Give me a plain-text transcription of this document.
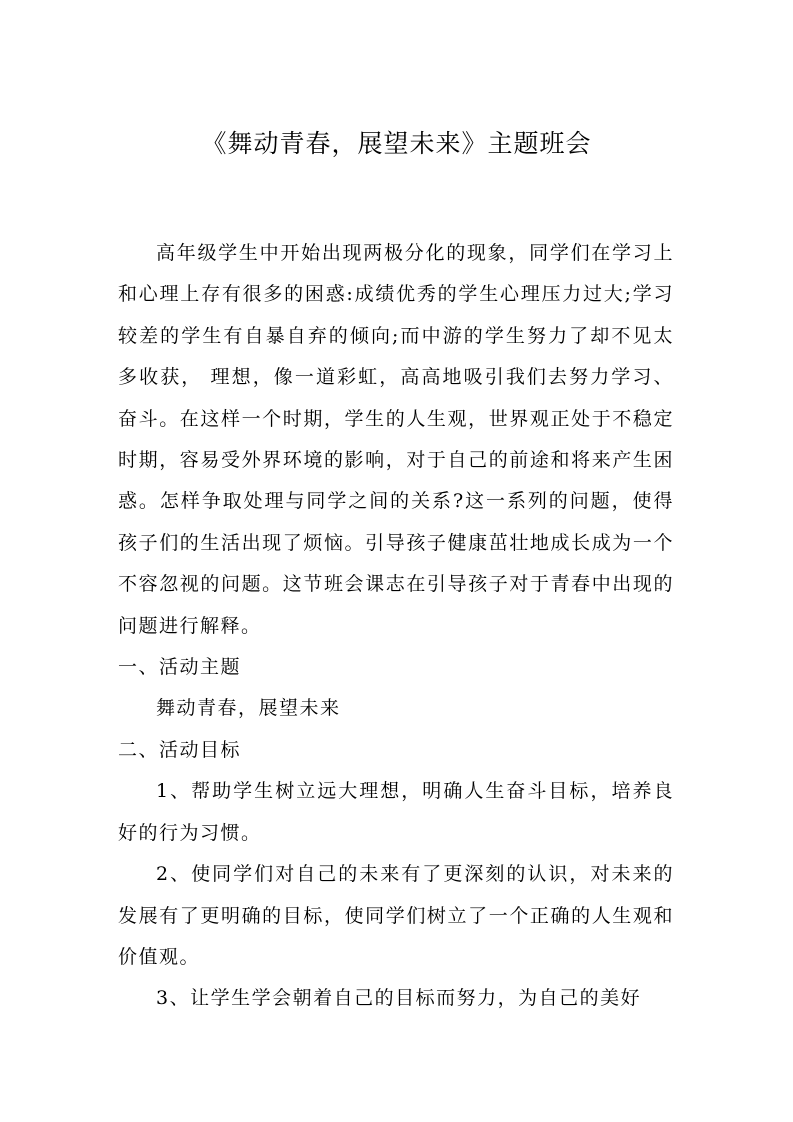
《舞动青春，展望未来》主题班会

高年级学生中开始出现两极分化的现象，同学们在学习上和心理上存有很多的困惑:成绩优秀的学生心理压力过大;学习较差的学生有自暴自弃的倾向;而中游的学生努力了却不见太多收获， 理想，像一道彩虹，高高地吸引我们去努力学习、奋斗。在这样一个时期，学生的人生观，世界观正处于不稳定时期，容易受外界环境的影响，对于自己的前途和将来产生困惑。怎样争取处理与同学之间的关系?这一系列的问题，使得孩子们的生活出现了烦恼。引导孩子健康茁壮地成长成为一个不容忽视的问题。这节班会课志在引导孩子对于青春中出现的问题进行解释。

一、活动主题

舞动青春，展望未来

二、活动目标

1、帮助学生树立远大理想，明确人生奋斗目标，培养良好的行为习惯。

2、使同学们对自己的未来有了更深刻的认识，对未来的发展有了更明确的目标，使同学们树立了一个正确的人生观和价值观。

3、让学生学会朝着自己的目标而努力，为自己的美好
